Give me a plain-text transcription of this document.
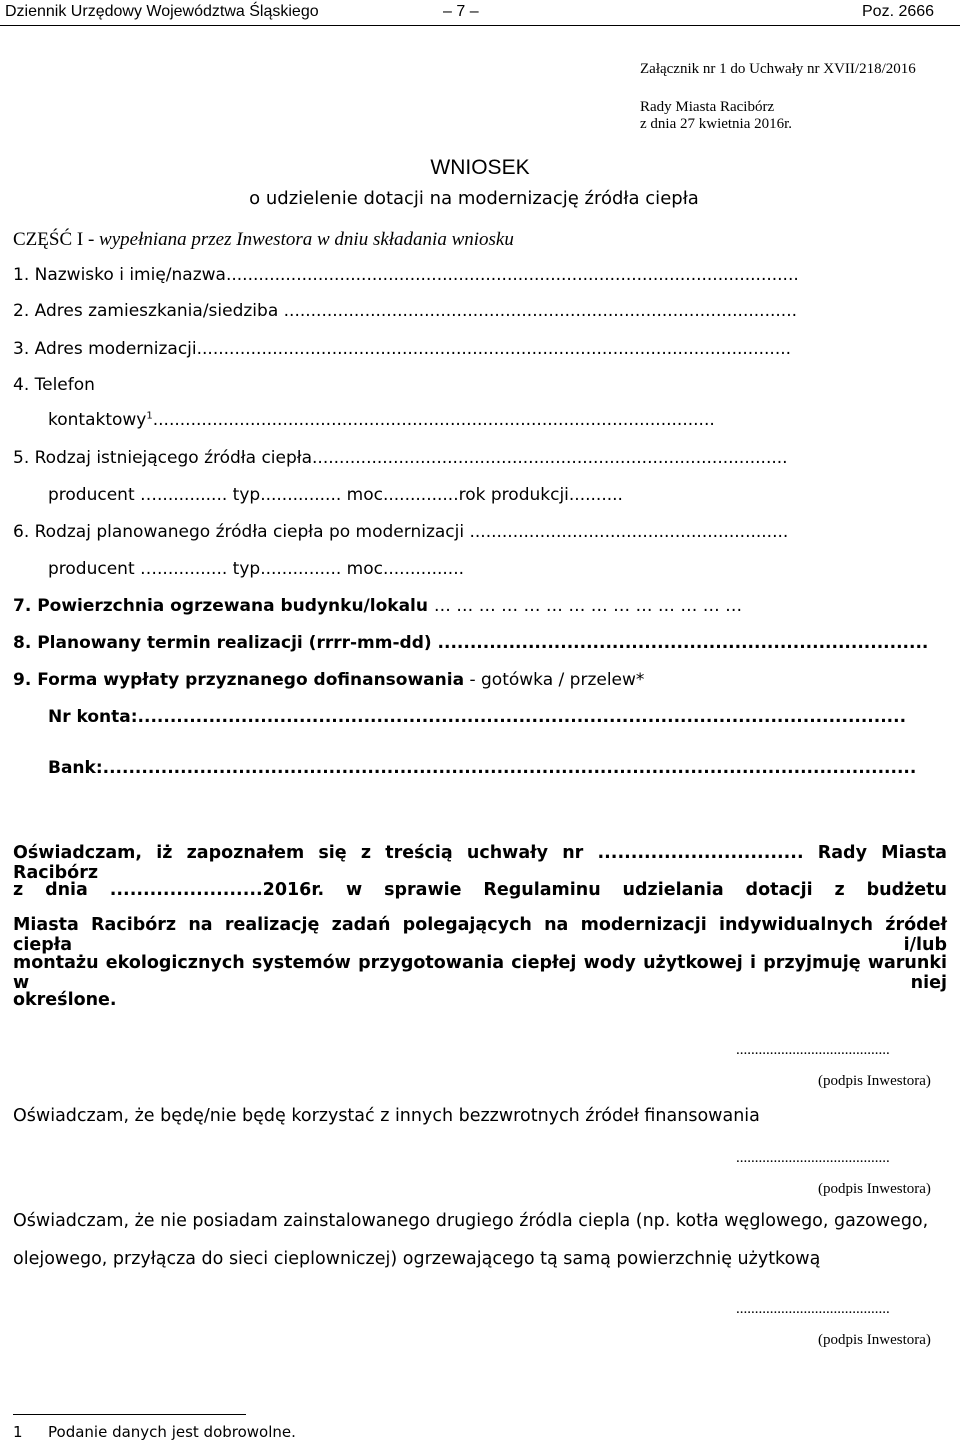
Dziennik Urzędowy Województwa Śląskiego	– 7 –	Poz. 2666
Załącznik nr 1 do Uchwały nr XVII/218/2016
Rady Miasta Racibórz
z dnia 27 kwietnia 2016r.
WNIOSEK
o udzielenie dotacji na modernizację źródła ciepła
CZĘŚĆ I - wypełniana przez Inwestora w dniu składania wniosku
1. Nazwisko i imię/nazwa..........................................................................................................
2. Adres zamieszkania/siedziba ...............................................................................................
3. Adres modernizacji..............................................................................................................
4. Telefon
kontaktowy$^1$........................................................................................................
5. Rodzaj istniejącego źródła ciepła........................................................................................
producent …............. typ............... moc..............rok produkcji..........
6. Rodzaj planowanego źródła ciepła po modernizacji ...........................................................
producent …............. typ............... moc...............
7. Powierzchnia ogrzewana budynku/lokalu … … … … … … … … … … … … … …
8. Planowany termin realizacji (rrrr-mm-dd) ............................................................................
9. Forma wypłaty przyznanego dofinansowania - gotówka / przelew*
Nr konta:.......................................................................................................................
Bank:..............................................................................................................................
Oświadczam, iż zapoznałem się z treścią uchwały nr ............................... Rady Miasta Racibórz
z dnia .......................2016r. w sprawie Regulaminu udzielania dotacji z budżetu
Miasta Racibórz na realizację zadań polegających na modernizacji indywidualnych źródeł ciepła i/lub
montażu ekologicznych systemów przygotowania ciepłej wody użytkowej i przyjmuję warunki w niej
określone.
.........................................
(podpis Inwestora)
Oświadczam, że będę/nie będę korzystać z innych bezzwrotnych źródeł finansowania
.........................................
(podpis Inwestora)
Oświadczam, że nie posiadam zainstalowanego drugiego źródla ciepla (np. kotła węglowego, gazowego,
olejowego, przyłącza do sieci cieplowniczej) ogrzewającego tą samą powierzchnię użytkową
.........................................
(podpis Inwestora)
1 Podanie danych jest dobrowolne.
